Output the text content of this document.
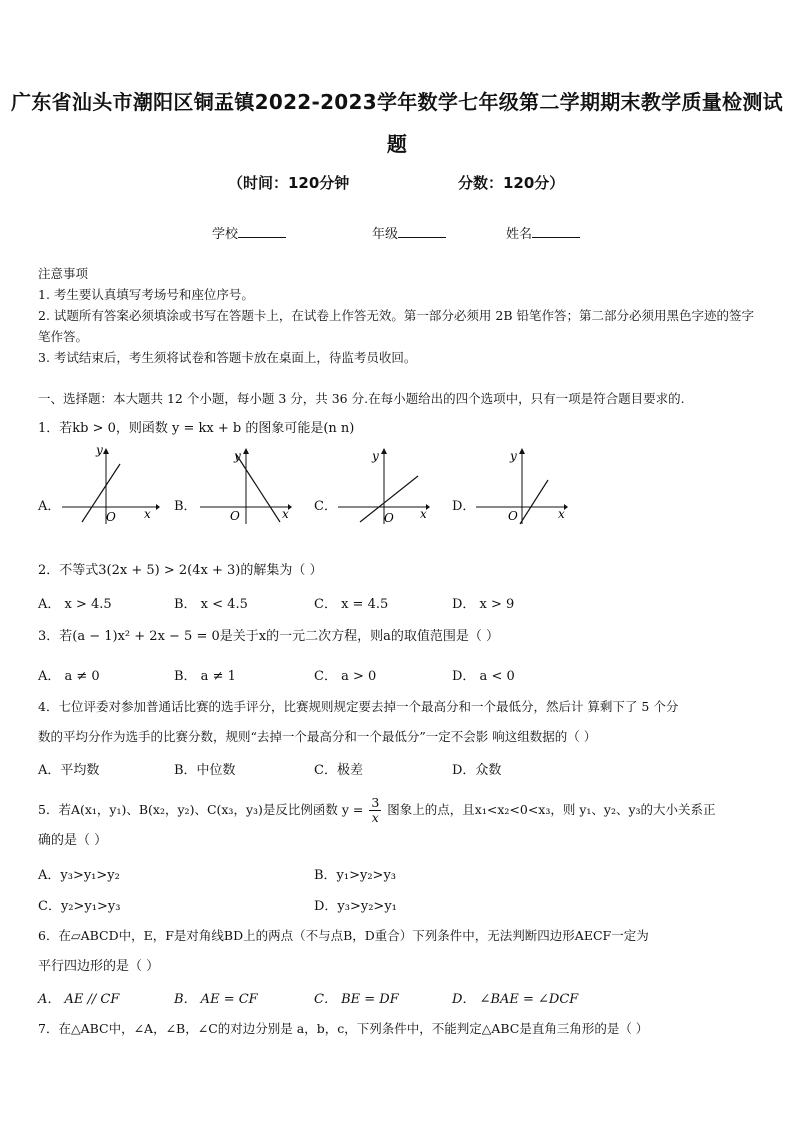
广东省汕头市潮阳区铜盂镇2022-2023学年数学七年级第二学期期末教学质量检测试
题
（时间：120分钟	分数：120分）
学校	年级	姓名
注意事项
1. 考生要认真填写考场号和座位序号。
2. 试题所有答案必须填涂或书写在答题卡上，在试卷上作答无效。第一部分必须用 2B 铅笔作答；第二部分必须用黑色字迹的签字笔作答。
3. 考试结束后，考生须将试卷和答题卡放在桌面上，待监考员收回。
一、选择题：本大题共 12 个小题，每小题 3 分，共 36 分.在每小题给出的四个选项中，只有一项是符合题目要求的.
1．若kb > 0，则函数 y = kx + b 的图象可能是(n n)
A．
y
x
O
B．
y
x
O
C．
y
x
O
D．
y
x
O
2．不等式3(2x + 5) > 2(4x + 3)的解集为（ ）
A． x > 4.5	B． x < 4.5	C． x = 4.5	D． x > 9
3．若(a − 1)x² + 2x − 5 = 0是关于x的一元二次方程，则a的取值范围是（ ）
A． a ≠ 0	B． a ≠ 1	C． a > 0	D． a < 0
4．七位评委对参加普通话比赛的选手评分，比赛规则规定要去掉一个最高分和一个最低分，然后计 算剩下了 5 个分
数的平均分作为选手的比赛分数，规则“去掉一个最高分和一个最低分”一定不会影 响这组数据的（ ）
A．平均数	B．中位数	C．极差	D．众数
5．若A(x₁，y₁)、B(x₂，y₂)、C(x₃，y₃)是反比例函数 $y = \frac{3}{x}$ 图象上的点，且x₁<x₂<0<x₃，则 y₁、y₂、y₃的大小关系正
确的是（ ）
A．y₃>y₁>y₂	B．y₁>y₂>y₃
C．y₂>y₁>y₃	D．y₃>y₂>y₁
6．在▱ABCD中，E，F是对角线BD上的两点（不与点B，D重合）下列条件中，无法判断四边形AECF一定为
平行四边形的是（ ）
A． AE // CF	B． AE = CF	C． BE = DF	D． ∠BAE = ∠DCF
7．在△ABC中，∠A，∠B，∠C的对边分别是 a，b，c，下列条件中，不能判定△ABC是直角三角形的是（ ）
